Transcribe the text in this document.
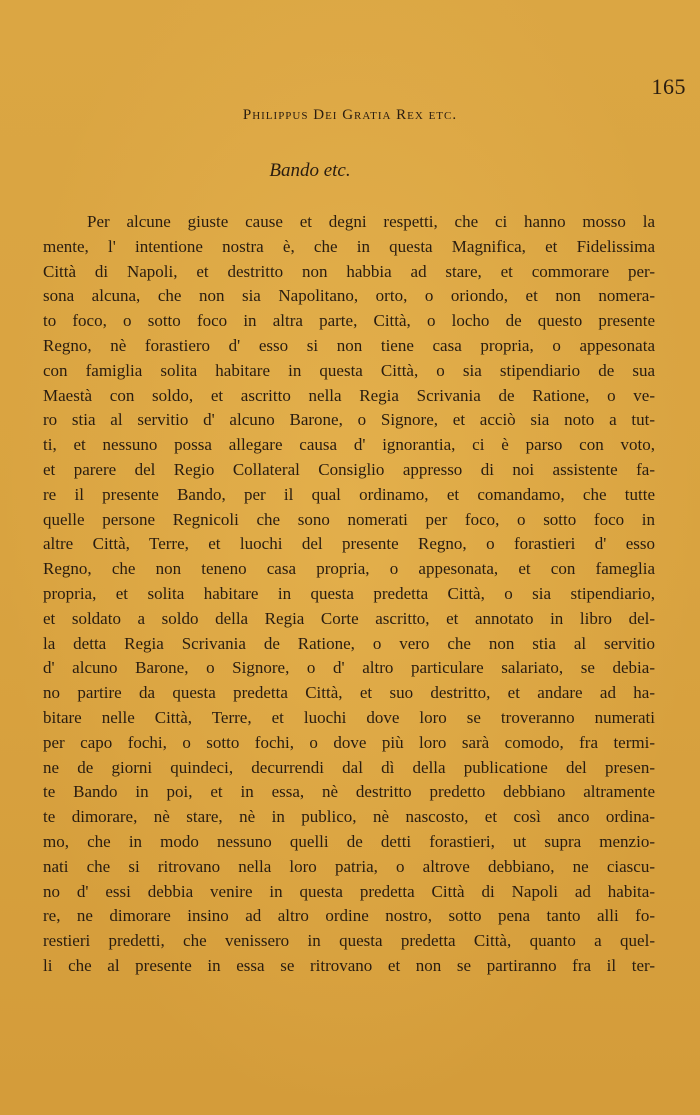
165
Philippus Dei Gratia Rex etc.
Bando etc.
Per alcune giuste cause et degni respetti, che ci hanno mosso la
mente, l' intentione nostra è, che in questa Magnifica, et Fidelissima
Città di Napoli, et destritto non habbia ad stare, et commorare per-
sona alcuna, che non sia Napolitano, orto, o oriondo, et non nomera-
to foco, o sotto foco in altra parte, Città, o locho de questo presente
Regno, nè forastiero d' esso si non tiene casa propria, o appesonata
con famiglia solita habitare in questa Città, o sia stipendiario de sua
Maestà con soldo, et ascritto nella Regia Scrivania de Ratione, o ve-
ro stia al servitio d' alcuno Barone, o Signore, et acciò sia noto a tut-
ti, et nessuno possa allegare causa d' ignorantia, ci è parso con voto,
et parere del Regio Collateral Consiglio appresso di noi assistente fa-
re il presente Bando, per il qual ordinamo, et comandamo, che tutte
quelle persone Regnicoli che sono nomerati per foco, o sotto foco in
altre Città, Terre, et luochi del presente Regno, o forastieri d' esso
Regno, che non teneno casa propria, o appesonata, et con fameglia
propria, et solita habitare in questa predetta Città, o sia stipendiario,
et soldato a soldo della Regia Corte ascritto, et annotato in libro del-
la detta Regia Scrivania de Ratione, o vero che non stia al servitio
d' alcuno Barone, o Signore, o d' altro particulare salariato, se debia-
no partire da questa predetta Città, et suo destritto, et andare ad ha-
bitare nelle Città, Terre, et luochi dove loro se troveranno numerati
per capo fochi, o sotto fochi, o dove più loro sarà comodo, fra termi-
ne de giorni quindeci, decurrendi dal dì della publicatione del presen-
te Bando in poi, et in essa, nè destritto predetto debbiano altramente
te dimorare, nè stare, nè in publico, nè nascosto, et così anco ordina-
mo, che in modo nessuno quelli de detti forastieri, ut supra menzio-
nati che si ritrovano nella loro patria, o altrove debbiano, ne ciascu-
no d' essi debbia venire in questa predetta Città di Napoli ad habita-
re, ne dimorare insino ad altro ordine nostro, sotto pena tanto alli fo-
restieri predetti, che venissero in questa predetta Città, quanto a quel-
li che al presente in essa se ritrovano et non se partiranno fra il ter-
